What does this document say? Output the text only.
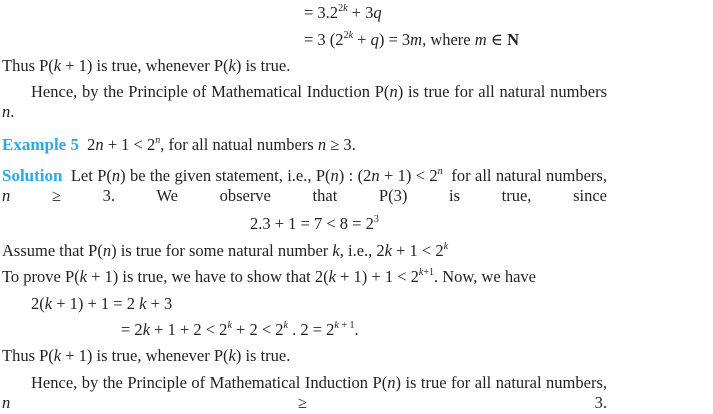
= $3.2^{2k} + 3q$
= 3 $(2^{2k} + q) = 3m$, where m ∈ N
Thus P(k + 1) is true, whenever P(k) is true.
Hence, by the Principle of Mathematical Induction P(n) is true for all natural numbers n.
Example 5 $2n + 1 < 2^n$, for all natual numbers n ≥ 3.
Solution Let P(n) be the given statement, i.e., P(n) : $(2n + 1) < 2^n$  for all natural numbers, n ≥ 3. We observe that P(3) is true, since
$2.3 + 1 = 7 < 8 = 2^3$
Assume that P(n) is true for some natural number k, i.e., $2k + 1 < 2^k$
To prove P(k + 1) is true, we have to show that $2(k + 1) + 1 < 2^{k+1}$. Now, we have
2(k + 1) + 1 = 2 k + 3
= $2k + 1 + 2 < 2^k + 2 < 2^k$ . $2 = 2^{k + 1}$.
Thus P(k + 1) is true, whenever P(k) is true.
Hence, by the Principle of Mathematical Induction P(n) is true for all natural numbers, n ≥ 3.
